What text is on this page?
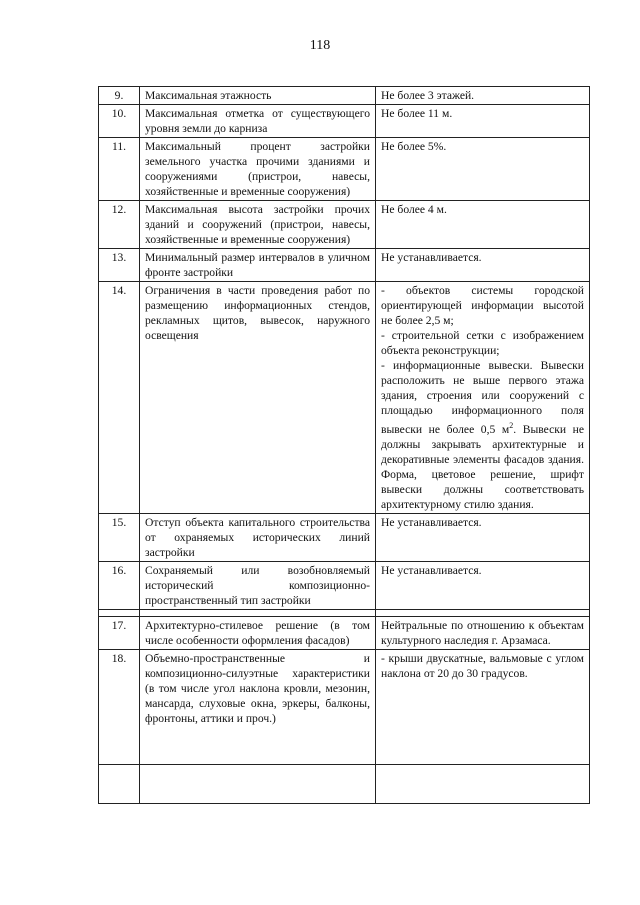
118
9.	Максимальная этажность	Не более 3 этажей.
10.	Максимальная отметка от существующего уровня земли до карниза	Не более 11 м.
11.	Максимальный процент застройки земельного участка прочими зданиями и сооружениями (пристрои, навесы, хозяйственные и временные сооружения)	Не более 5%.
12.	Максимальная высота застройки прочих зданий и сооружений (пристрои, навесы, хозяйственные и временные сооружения)	Не более 4 м.
13.	Минимальный размер интервалов в уличном фронте застройки	Не устанавливается.
14.	Ограничения в части проведения работ по размещению информационных стендов, рекламных щитов, вывесок, наружного освещения	- объектов системы городской ориентирующей информации высотой не более 2,5 м;
- строительной сетки с изображением объекта реконструкции;
- информационные вывески. Вывески расположить не выше первого этажа здания, строения или сооружений с площадью информационного поля вывески не более 0,5 $м^2$. Вывески не должны закрывать архитектурные и декоративные элементы фасадов здания. Форма, цветовое решение, шрифт вывески должны соответствовать архитектурному стилю здания.

15.	Отступ объекта капитального строительства от охраняемых исторических линий застройки	Не устанавливается.
16.	Сохраняемый или возобновляемый исторический композиционно-пространственный тип застройки	Не устанавливается.

17.	Архитектурно-стилевое решение (в том числе особенности оформления фасадов)	Нейтральные по отношению к объектам культурного наследия г. Арзамаса.
18.	Объемно-пространственные и композиционно-силуэтные характеристики (в том числе угол наклона кровли, мезонин, мансарда, слуховые окна, эркеры, балконы, фронтоны, аттики и проч.)	- крыши двускатные, вальмовые с углом наклона от 20 до 30 градусов.
